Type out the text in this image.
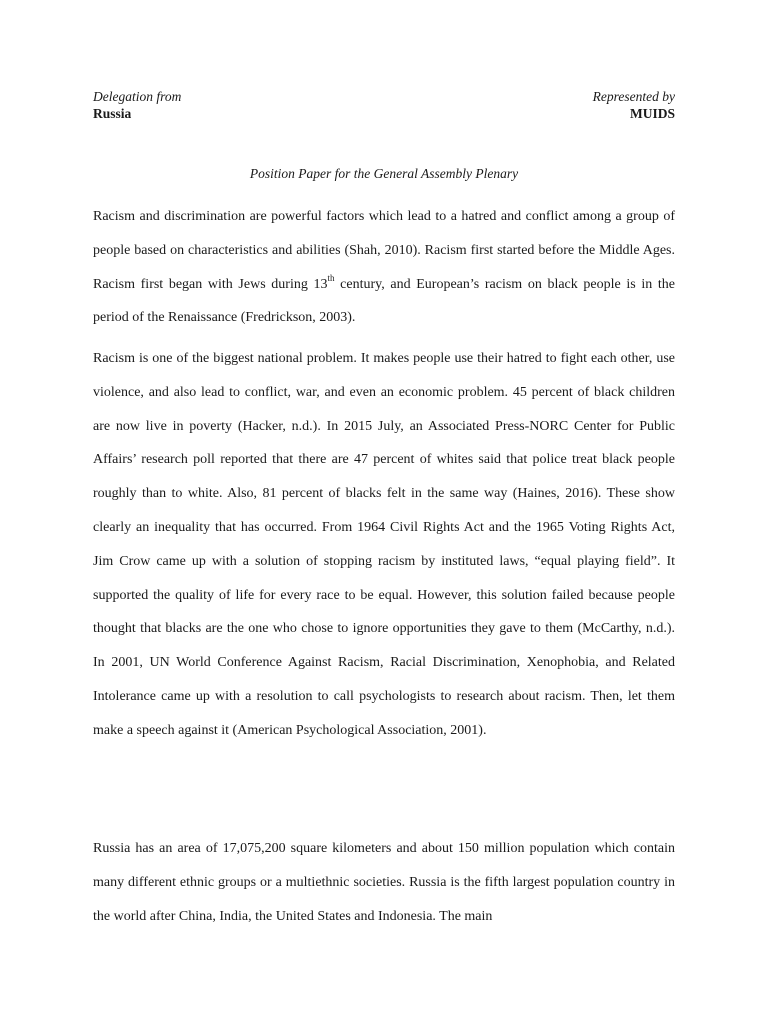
Delegation from
Russia
Represented by
MUIDS
Position Paper for the General Assembly Plenary

Racism and discrimination are powerful factors which lead to a hatred and conflict among a group of people based on characteristics and abilities (Shah, 2010). Racism first started before the Middle Ages. Racism first began with Jews during 13th century, and European’s racism on black people is in the period of the Renaissance (Fredrickson, 2003).

Racism is one of the biggest national problem. It makes people use their hatred to fight each other, use violence, and also lead to conflict, war, and even an economic problem. 45 percent of black children are now live in poverty (Hacker, n.d.). In 2015 July, an Associated Press-NORC Center for Public Affairs’ research poll reported that there are 47 percent of whites said that police treat black people roughly than to white. Also, 81 percent of blacks felt in the same way (Haines, 2016). These show clearly an inequality that has occurred. From 1964 Civil Rights Act and the 1965 Voting Rights Act, Jim Crow came up with a solution of stopping racism by instituted laws, “equal playing field”. It supported the quality of life for every race to be equal. However, this solution failed because people thought that blacks are the one who chose to ignore opportunities they gave to them (McCarthy, n.d.). In 2001, UN World Conference Against Racism, Racial Discrimination, Xenophobia, and Related Intolerance came up with a resolution to call psychologists to research about racism. Then, let them make a speech against it (American Psychological Association, 2001).

Russia has an area of 17,075,200 square kilometers and about 150 million population which contain many different ethnic groups or a multiethnic societies. Russia is the fifth largest population country in the world after China, India, the United States and Indonesia. The main
